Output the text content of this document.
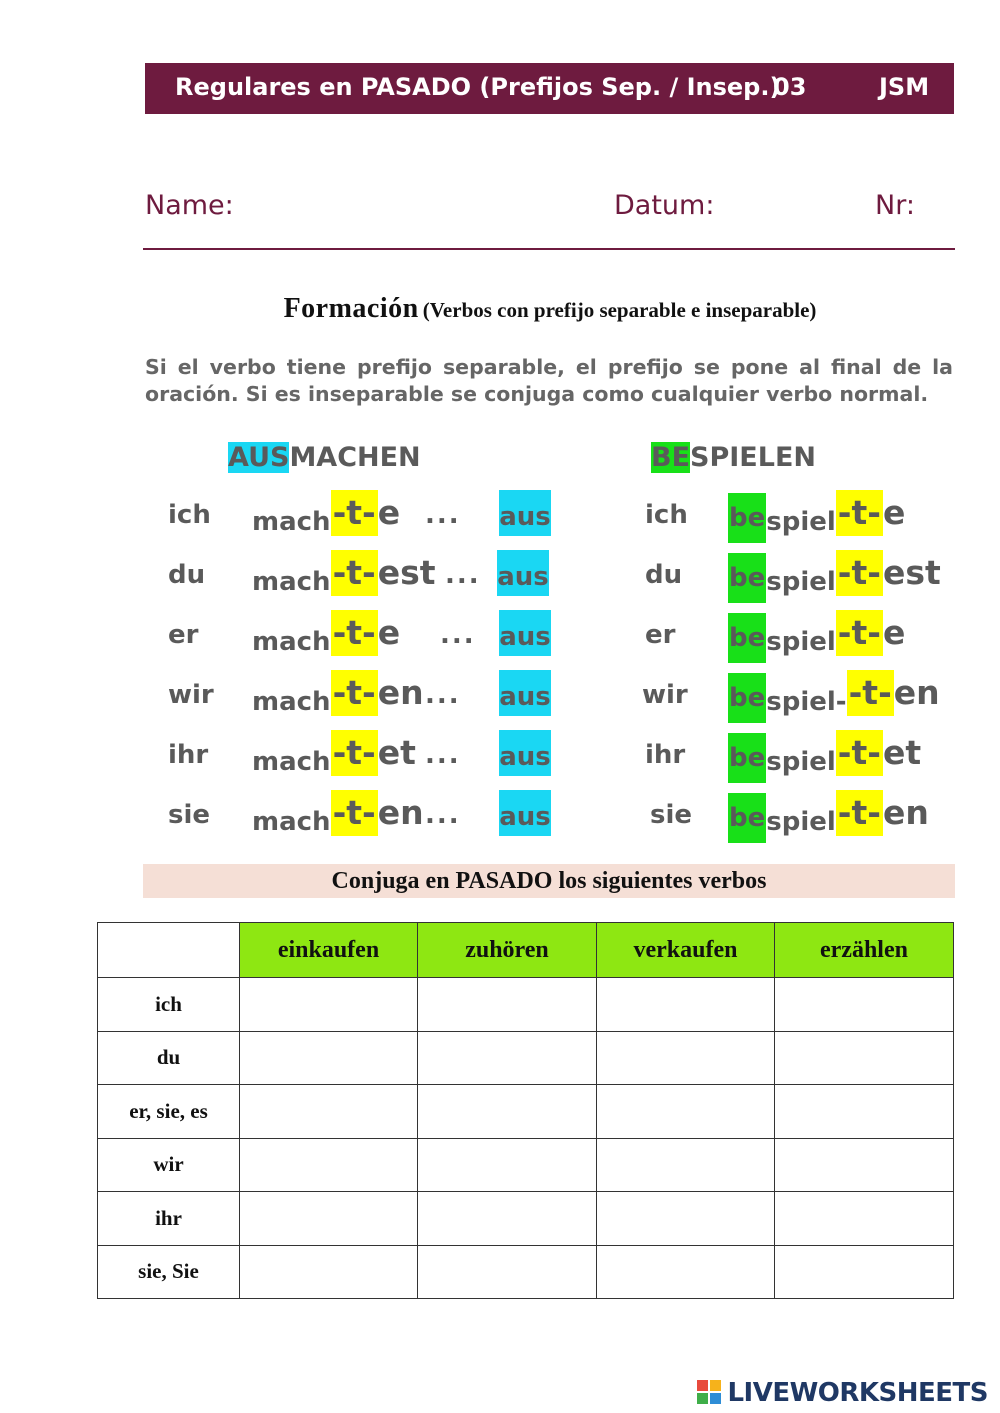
Regulares en PASADO (Prefijos Sep. / Insep.)
03	JSM
Name:	Datum:	Nr:
Formación (Verbos con prefijo separable e inseparable)
Si el verbo tiene prefijo separable, el prefijo se pone al final de la oración. Si es inseparable se conjuga como cualquier verbo normal.
AUSMACHEN	BESPIELEN
ich mach-t-e ... aus
du mach-t-est ... aus
er mach-t-e ... aus
wir mach-t-en ... aus
ihr mach-t-et ... aus
sie mach-t-en ... aus
ich bespiel-t-e
du bespiel-t-est
er bespiel-t-e
wir bespiel--t-en
ihr bespiel-t-et
sie bespiel-t-en
Conjuga en PASADO los siguientes verbos
	einkaufen	zuhören	verkaufen	erzählen
ich				
du				
er, sie, es				
wir				
ihr				
sie, Sie				
LIVEWORKSHEETS
